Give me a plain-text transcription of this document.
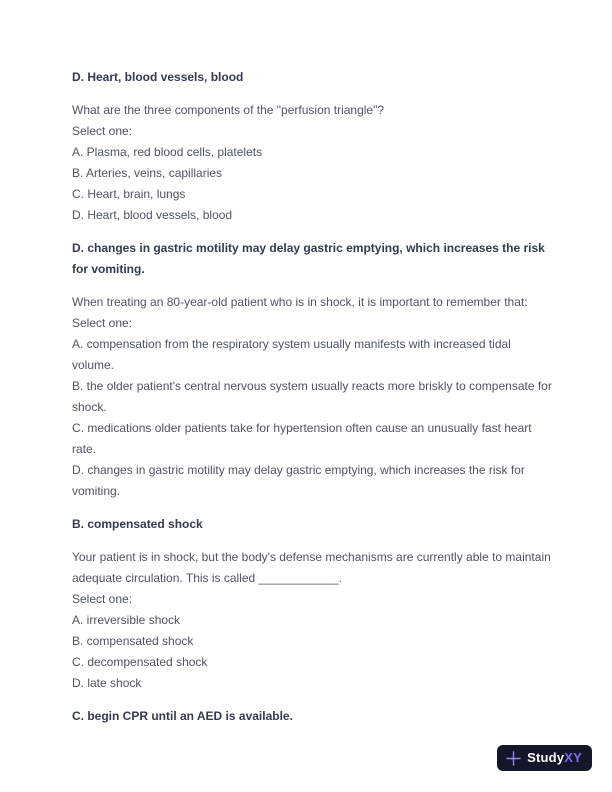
D. Heart, blood vessels, blood

What are the three components of the "perfusion triangle"?
Select one:
A. Plasma, red blood cells, platelets
B. Arteries, veins, capillaries
C. Heart, brain, lungs
D. Heart, blood vessels, blood

D. changes in gastric motility may delay gastric emptying, which increases the risk for vomiting.

When treating an 80-year-old patient who is in shock, it is important to remember that:
Select one:
A. compensation from the respiratory system usually manifests with increased tidal volume.
B. the older patient's central nervous system usually reacts more briskly to compensate for shock.
C. medications older patients take for hypertension often cause an unusually fast heart rate.
D. changes in gastric motility may delay gastric emptying, which increases the risk for vomiting.

B. compensated shock

Your patient is in shock, but the body's defense mechanisms are currently able to maintain adequate circulation. This is called ____________.
Select one:
A. irreversible shock
B. compensated shock
C. decompensated shock
D. late shock

C. begin CPR until an AED is available.

StudyXY
